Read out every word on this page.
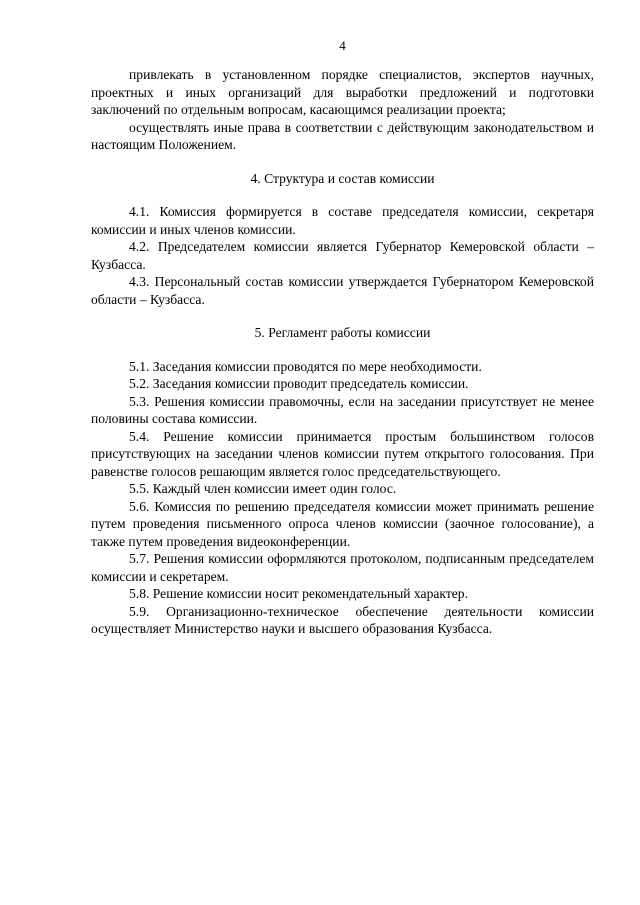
4

привлекать в установленном порядке специалистов, экспертов научных, проектных и иных организаций для выработки предложений и подготовки заключений по отдельным вопросам, касающимся реализации проекта;

осуществлять иные права в соответствии с действующим законодательством и настоящим Положением.

4. Структура и состав комиссии

4.1. Комиссия формируется в составе председателя комиссии, секретаря комиссии и иных членов комиссии.

4.2. Председателем комиссии является Губернатор Кемеровской области – Кузбасса.

4.3. Персональный состав комиссии утверждается Губернатором Кемеровской области – Кузбасса.

5. Регламент работы комиссии

5.1. Заседания комиссии проводятся по мере необходимости.

5.2. Заседания комиссии проводит председатель комиссии.

5.3. Решения комиссии правомочны, если на заседании присутствует не менее половины состава комиссии.

5.4. Решение комиссии принимается простым большинством голосов присутствующих на заседании членов комиссии путем открытого голосования. При равенстве голосов решающим является голос председательствующего.

5.5. Каждый член комиссии имеет один голос.

5.6. Комиссия по решению председателя комиссии может принимать решение путем проведения письменного опроса членов комиссии (заочное голосование), а также путем проведения видеоконференции.

5.7. Решения комиссии оформляются протоколом, подписанным председателем комиссии и секретарем.

5.8. Решение комиссии носит рекомендательный характер.

5.9. Организационно-техническое обеспечение деятельности комиссии осуществляет Министерство науки и высшего образования Кузбасса.
